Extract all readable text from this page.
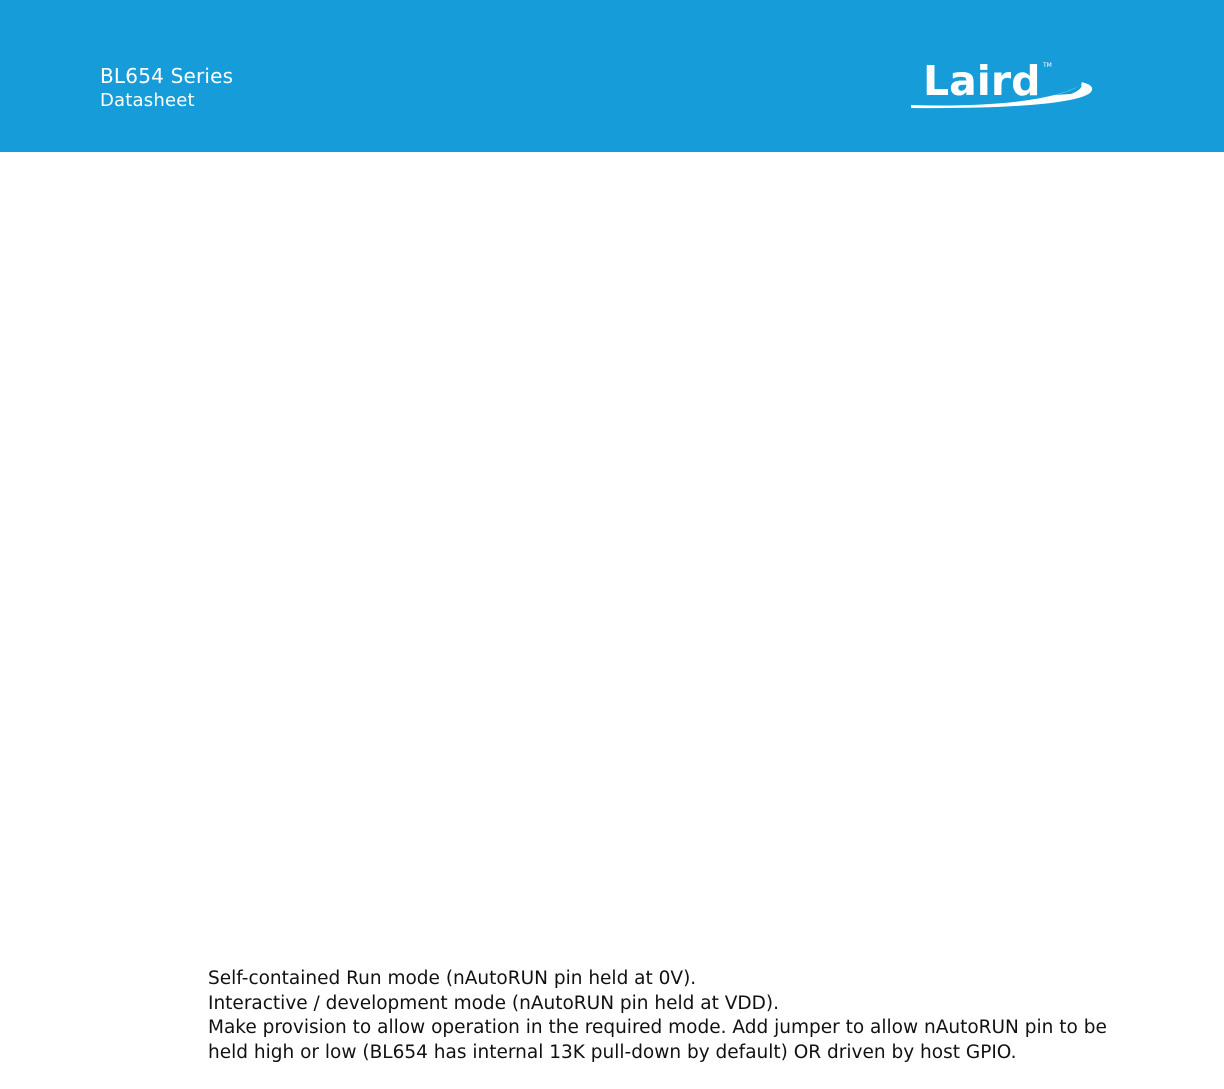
BL654 Series
Datasheet	Laird TM
Self-contained Run mode (nAutoRUN pin held at 0V).
Interactive / development mode (nAutoRUN pin held at VDD).
Make provision to allow operation in the required mode. Add jumper to allow nAutoRUN pin to be held high or low (BL654 has internal 13K pull-down by default) OR driven by host GPIO.
